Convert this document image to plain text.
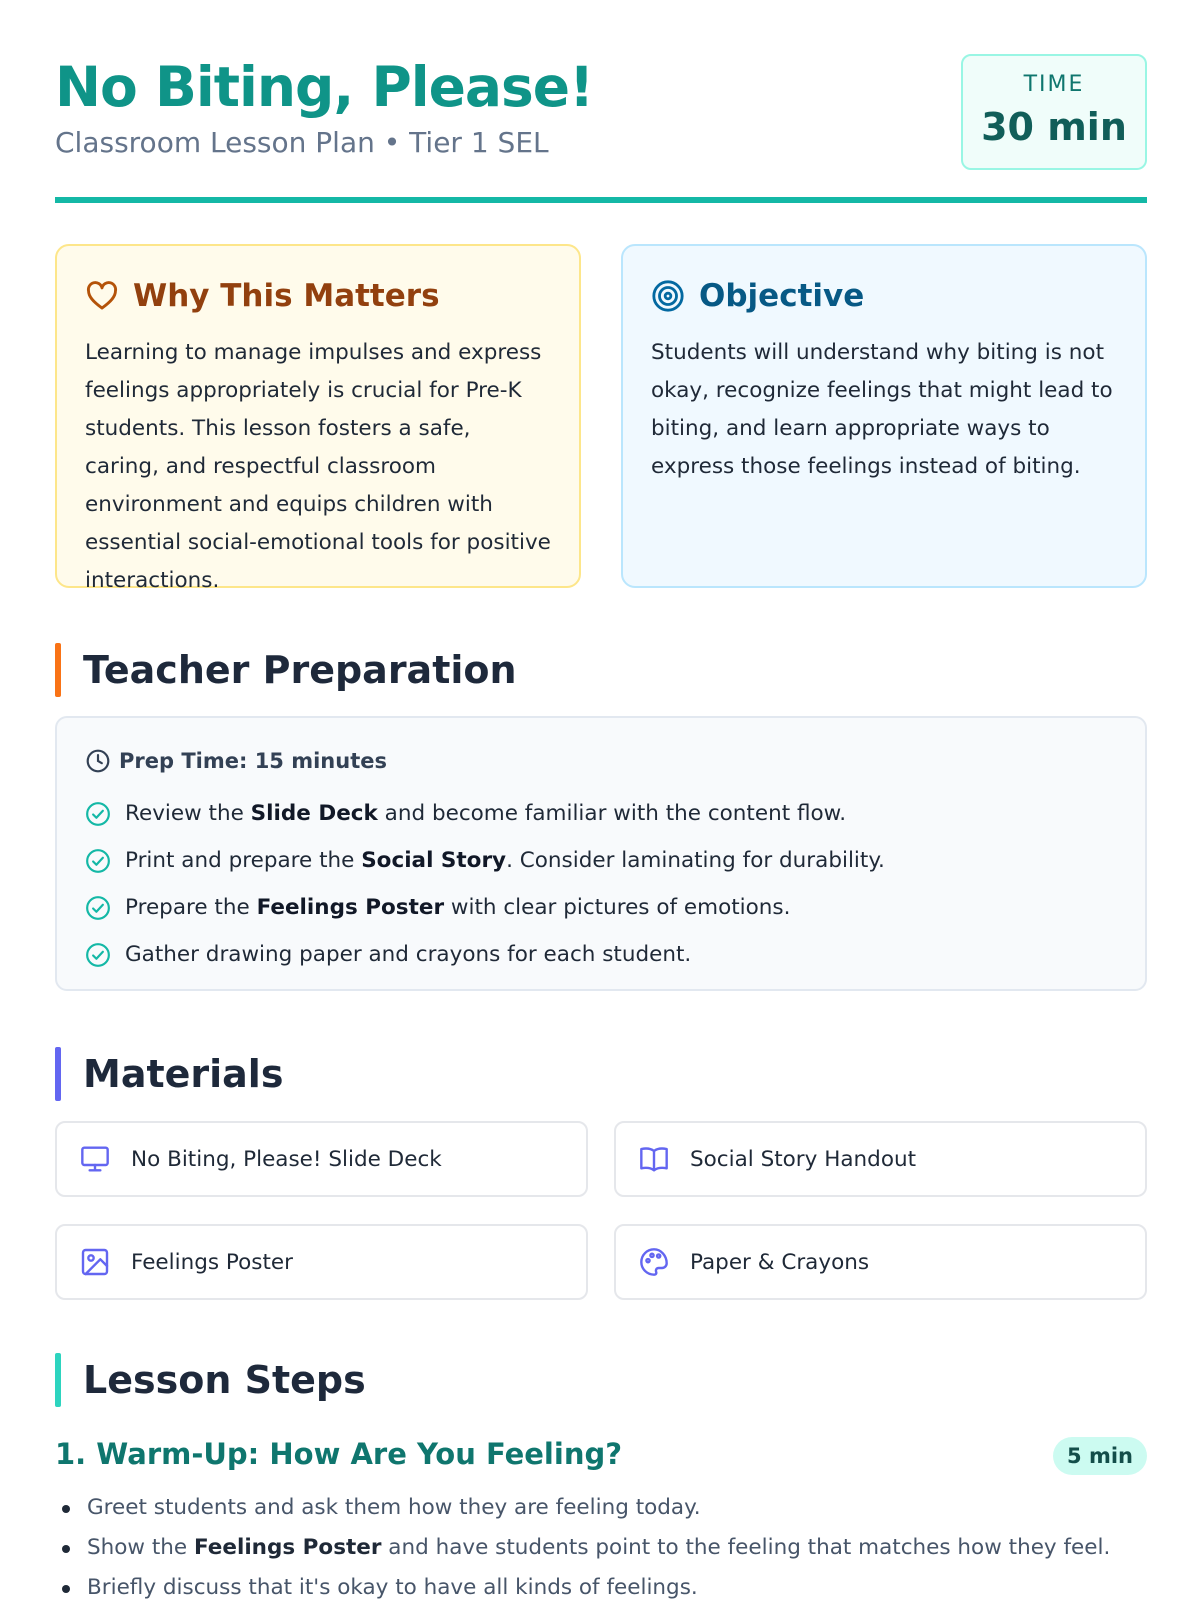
No Biting, Please!
Classroom Lesson Plan • Tier 1 SEL
TIME
30 min
Why This Matters

Learning to manage impulses and express feelings appropriately is crucial for Pre-K students. This lesson fosters a safe, caring, and respectful classroom environment and equips children with essential social-emotional tools for positive interactions.

Objective

Students will understand why biting is not okay, recognize feelings that might lead to biting, and learn appropriate ways to express those feelings instead of biting.

Teacher Preparation
Prep Time: 15 minutes
Review the Slide Deck and become familiar with the content flow.
Print and prepare the Social Story. Consider laminating for durability.
Prepare the Feelings Poster with clear pictures of emotions.
Gather drawing paper and crayons for each student.
Materials
No Biting, Please! Slide Deck	Social Story Handout
Feelings Poster	Paper & Crayons
Lesson Steps
1. Warm-Up: How Are You Feeling?	5 min
Greet students and ask them how they are feeling today.
Show the Feelings Poster and have students point to the feeling that matches how they feel.
Briefly discuss that it's okay to have all kinds of feelings.
